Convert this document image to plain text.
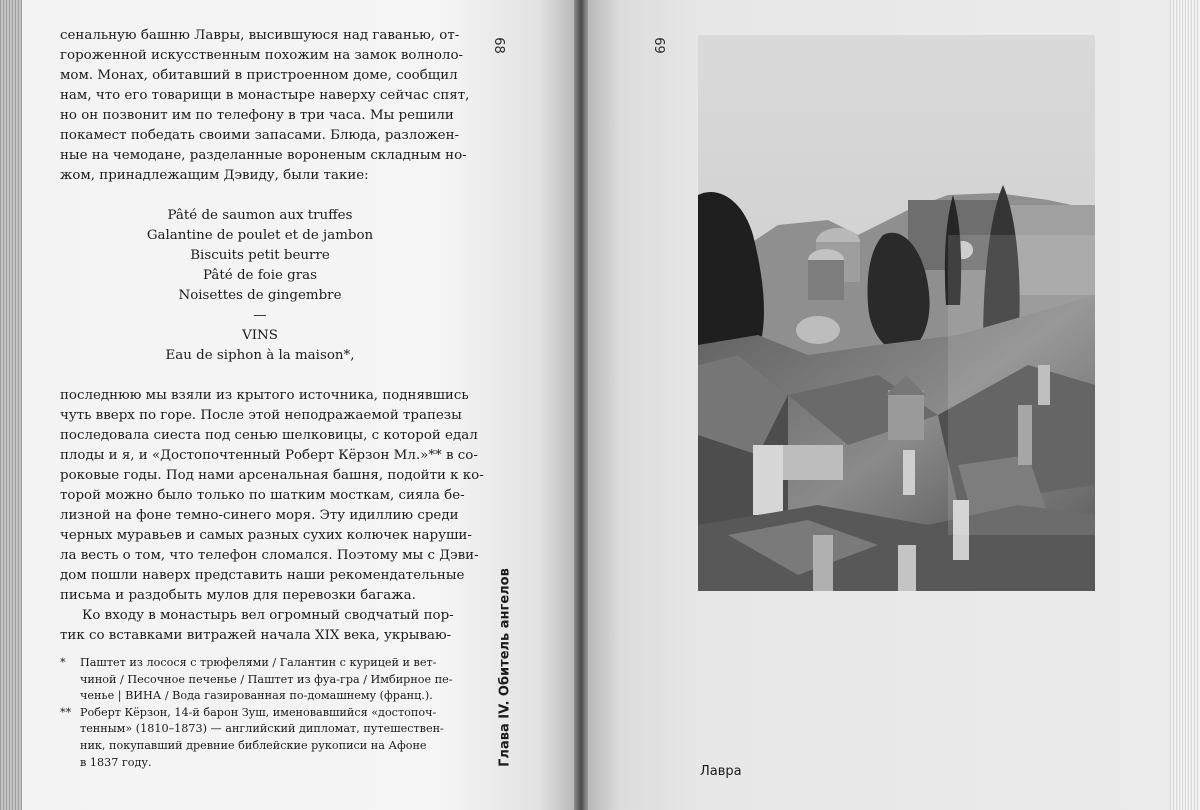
сенальную башню Лавры, высившуюся над гаванью, от-
гороженной искусственным похожим на замок волноло-
мом. Монах, обитавший в пристроенном доме, сообщил
нам, что его товарищи в монастыре наверху сейчас спят,
но он позвонит им по телефону в три часа. Мы решили
покамест победать своими запасами. Блюда, разложен-
ные на чемодане, разделанные вороненым складным но-
жом, принадлежащим Дэвиду, были такие:
Pâté de saumon aux truffes
Galantine de poulet et de jambon
Biscuits petit beurre
Pâté de foie gras
Noisettes de gingembre
—
VINS
Eau de siphon à la maison*,
последнюю мы взяли из крытого источника, поднявшись
чуть вверх по горе. После этой неподражаемой трапезы
последовала сиеста под сенью шелковицы, с которой едал
плоды и я, и «Достопочтенный Роберт Кёрзон Мл.»** в со-
роковые годы. Под нами арсенальная башня, подойти к ко-
торой можно было только по шатким мосткам, сияла бе-
лизной на фоне темно-синего моря. Эту идиллию среди
черных муравьев и самых разных сухих колючек наруши-
ла весть о том, что телефон сломался. Поэтому мы с Дэви-
дом пошли наверх представить наши рекомендательные
письма и раздобыть мулов для перевозки багажа.
Ко входу в монастырь вел огромный сводчатый пор-
тик со вставками витражей начала XIX века, укрываю-
* Паштет из лосося с трюфелями / Галантин с курицей и вет-
чиной / Песочное печенье / Паштет из фуа-гра / Имбирное пе-
ченье | ВИНА / Вода газированная по-домашнему (франц.).
** Роберт Кёрзон, 14-й барон Зуш, именовавшийся «достопоч-
тенным» (1810–1873) — английский дипломат, путешествен-
ник, покупавший древние библейские рукописи на Афоне
в 1837 году.
68
Глава IV. Обитель ангелов
69
Лавра
